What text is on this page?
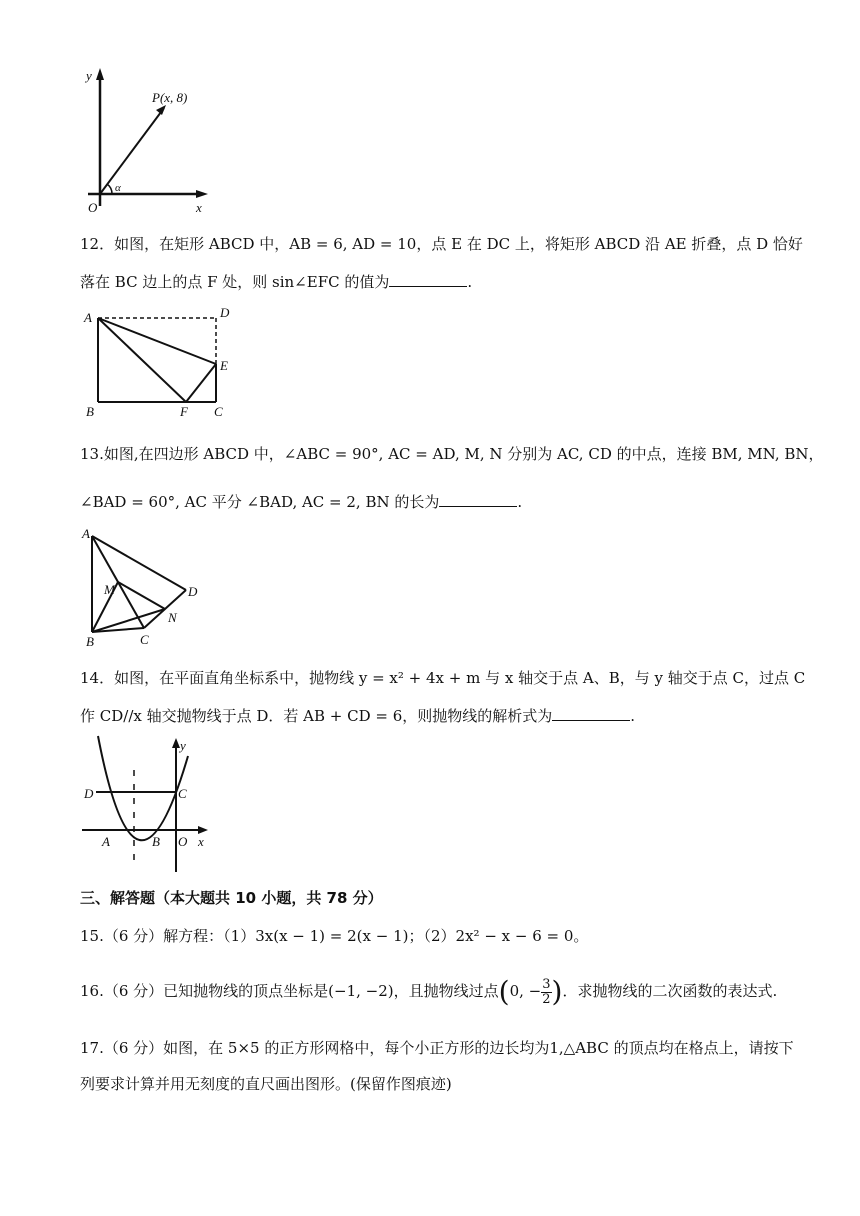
y
O	x
P(x, 8)
α
12．如图，在矩形 ABCD 中，AB = 6, AD = 10，点 E 在 DC 上，将矩形 ABCD 沿 AE 折叠，点 D 恰好
落在 BC 边上的点 F 处，则 sin∠EFC 的值为	.
A	D
E
B	F C
13.如图,在四边形 ABCD 中，∠ABC = 90°, AC = AD, M, N 分别为 AC, CD 的中点，连接 BM, MN, BN，
∠BAD = 60°, AC 平分 ∠BAD, AC = 2, BN 的长为	.
A
M	D
N
B	C
14．如图，在平面直角坐标系中，抛物线 y = x² + 4x + m 与 x 轴交于点 A、B，与 y 轴交于点 C，过点 C
作 CD//x 轴交抛物线于点 D．若 AB + CD = 6，则抛物线的解析式为	.
y
D	C
A	B O x
三、解答题（本大题共 10 小题，共 78 分）
15.（6 分）解方程：（1）3x(x − 1) = 2(x − 1)；（2）2x² − x − 6 = 0。
16.（6 分）已知抛物线的顶点坐标是(−1, −2)，且抛物线过点(0, − $\frac{3}{2}$ )．求抛物线的二次函数的表达式.
17.（6 分）如图，在 5×5 的正方形网格中，每个小正方形的边长均为1,△ABC 的顶点均在格点上，请按下
列要求计算并用无刻度的直尺画出图形。(保留作图痕迹)
